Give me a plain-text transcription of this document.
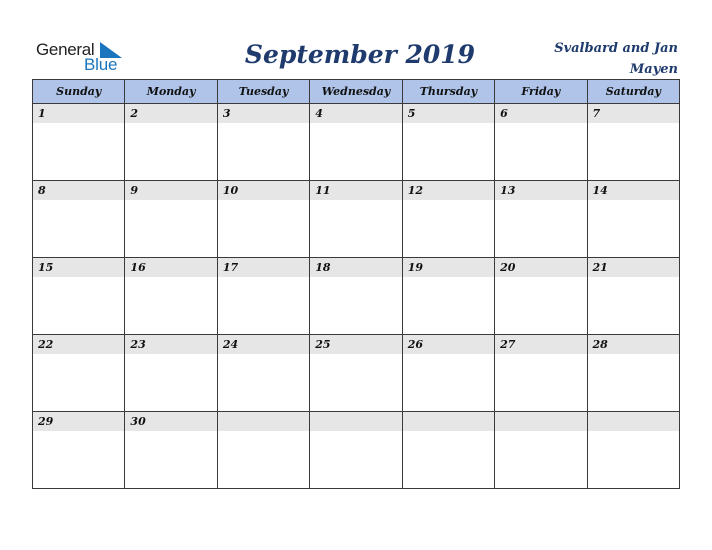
General
Blue	September 2019	Svalbard and Jan Mayen
Sunday	Monday	Tuesday	Wednesday	Thursday	Friday	Saturday

1	2	3	4	5	6	7

8	9	10	11	12	13	14

15	16	17	18	19	20	21

22	23	24	25	26	27	28

29	30					
